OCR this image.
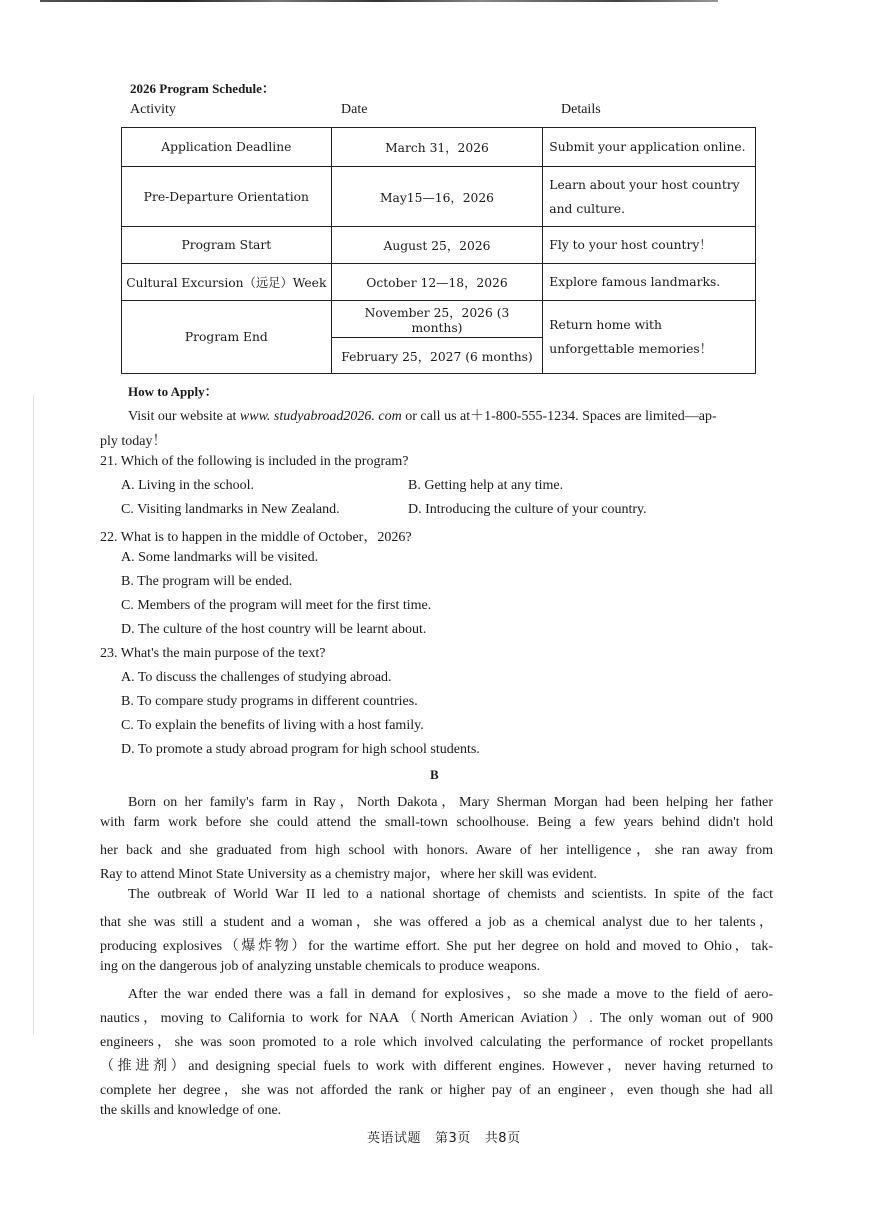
2026 Program Schedule：
Activity	Date	Details
Application Deadline	March 31，2026	Submit your application online.
Pre-Departure Orientation	May15—16，2026	Learn about your host country and culture.
Program Start	August 25，2026	Fly to your host country！
Cultural Excursion（远足）Week	October 12—18，2026	Explore famous landmarks.
Program End	November 25，2026 (3 months)	Return home with unforgettable memories！
	February 25，2027 (6 months)	
How to Apply：
Visit our website at www. studyabroad2026. com or call us at＋1-800-555-1234. Spaces are limited—ap-
ply today！
21. Which of the following is included in the program?
A. Living in the school.	B. Getting help at any time.
C. Visiting landmarks in New Zealand.	D. Introducing the culture of your country.
22. What is to happen in the middle of October，2026?
A. Some landmarks will be visited.
B. The program will be ended.
C. Members of the program will meet for the first time.
D. The culture of the host country will be learnt about.
23. What's the main purpose of the text?
A. To discuss the challenges of studying abroad.
B. To compare study programs in different countries.
C. To explain the benefits of living with a host family.
D. To promote a study abroad program for high school students.
B
Born on her family's farm in Ray，North Dakota，Mary Sherman Morgan had been helping her father
with farm work before she could attend the small-town schoolhouse. Being a few years behind didn't hold
her back and she graduated from high school with honors. Aware of her intelligence，she ran away from
Ray to attend Minot State University as a chemistry major，where her skill was evident.
The outbreak of World War II led to a national shortage of chemists and scientists. In spite of the fact
that she was still a student and a woman，she was offered a job as a chemical analyst due to her talents，
producing explosives（爆炸物）for the wartime effort. She put her degree on hold and moved to Ohio，tak-
ing on the dangerous job of analyzing unstable chemicals to produce weapons.
After the war ended there was a fall in demand for explosives，so she made a move to the field of aero-
nautics，moving to California to work for NAA（North American Aviation）. The only woman out of 900
engineers，she was soon promoted to a role which involved calculating the performance of rocket propellants
（推进剂）and designing special fuels to work with different engines. However，never having returned to
complete her degree，she was not afforded the rank or higher pay of an engineer，even though she had all
the skills and knowledge of one.
英语试题 第3页 共8页
